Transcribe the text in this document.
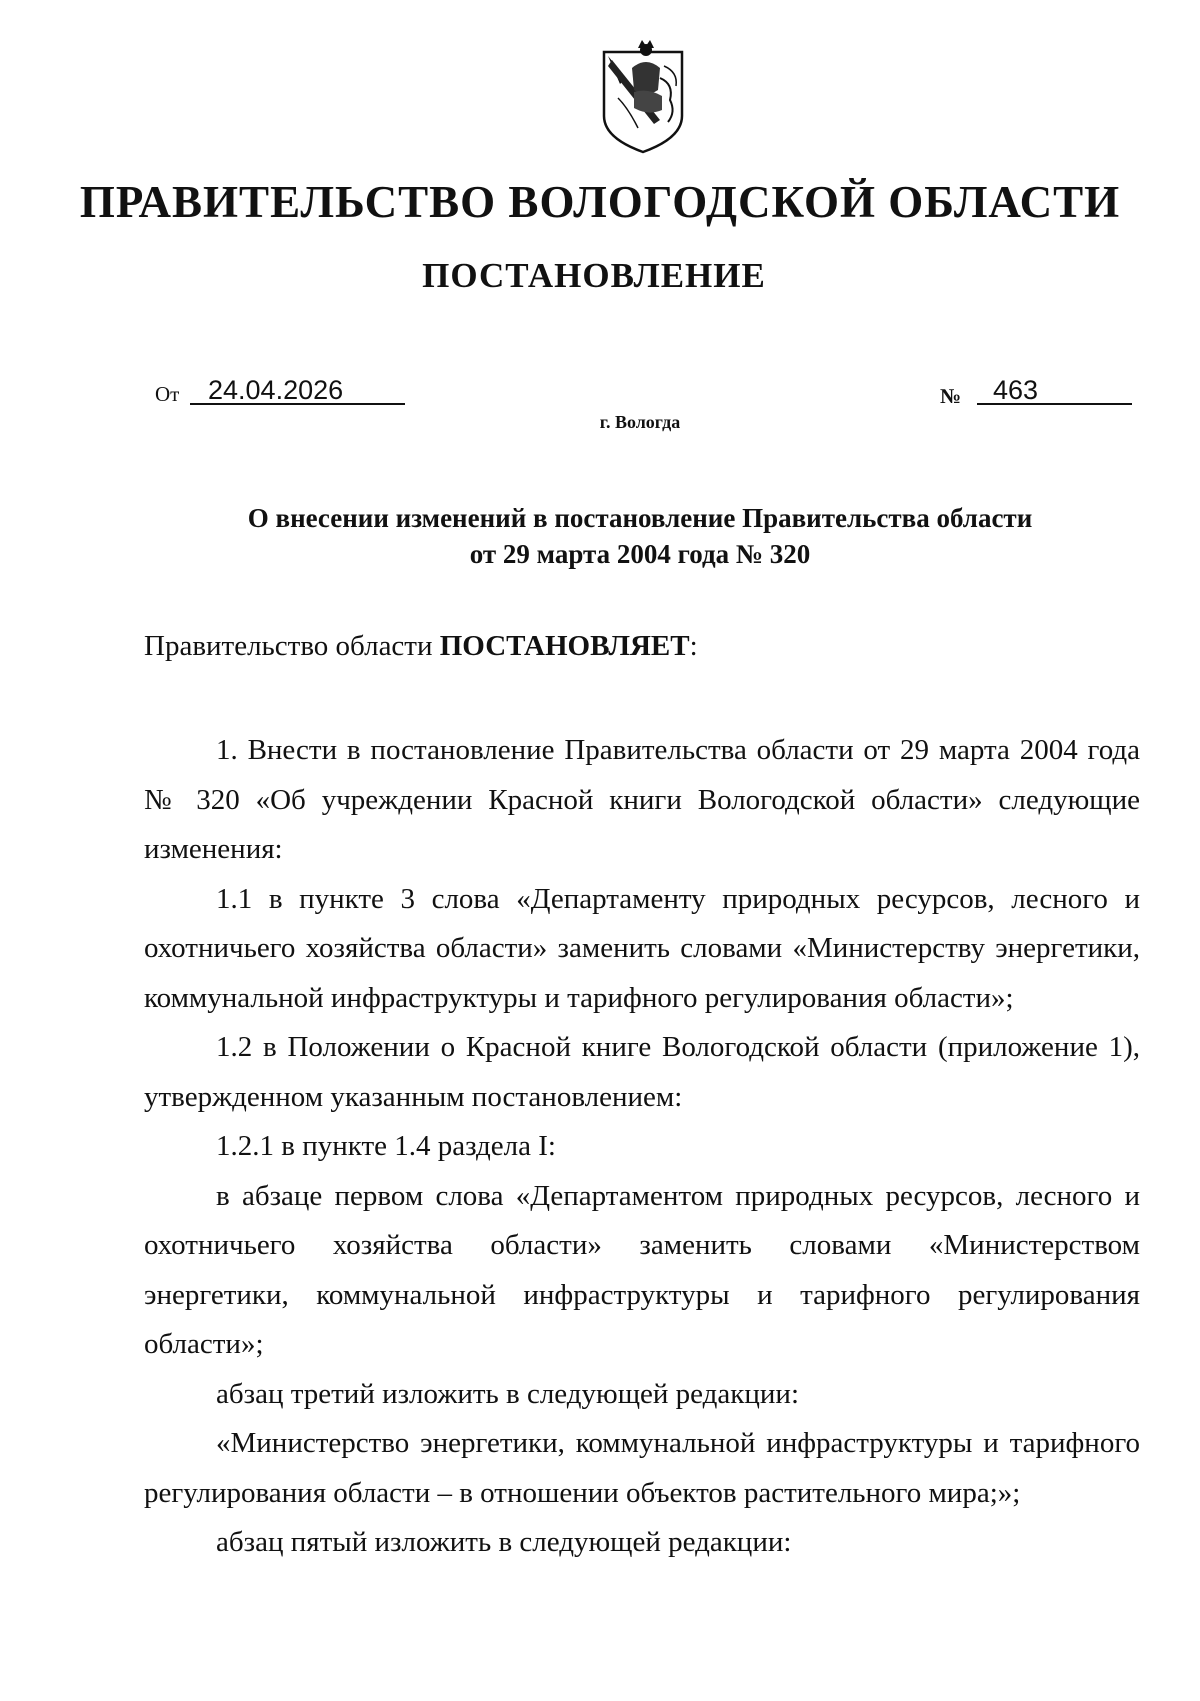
ПРАВИТЕЛЬСТВО ВОЛОГОДСКОЙ ОБЛАСТИ
ПОСТАНОВЛЕНИЕ
От	24.04.2026	№	463
г. Вологда
О внесении изменений в постановление Правительства области
от 29 марта 2004 года № 320
Правительство области ПОСТАНОВЛЯЕТ:

1. Внести в постановление Правительства области от 29 марта 2004 года № 320 «Об учреждении Красной книги Вологодской области» следующие изменения:

1.1 в пункте 3 слова «Департаменту природных ресурсов, лесного и охотничьего хозяйства области» заменить словами «Министерству энергетики, коммунальной инфраструктуры и тарифного регулирования области»;

1.2 в Положении о Красной книге Вологодской области (приложение 1), утвержденном указанным постановлением:

1.2.1 в пункте 1.4 раздела I:

в абзаце первом слова «Департаментом природных ресурсов, лесного и охотничьего хозяйства области» заменить словами «Министерством энергетики, коммунальной инфраструктуры и тарифного регулирования области»;

абзац третий изложить в следующей редакции:

«Министерство энергетики, коммунальной инфраструктуры и тарифного регулирования области – в отношении объектов растительного мира;»;

абзац пятый изложить в следующей редакции:
